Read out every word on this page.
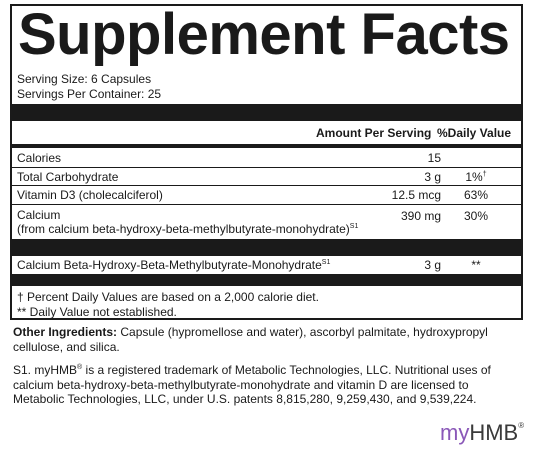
Supplement Facts
Serving Size: 6 Capsules
Servings Per Container: 25
Amount Per Serving %Daily Value
Calories	15
Total Carbohydrate	3 g	1%†
Vitamin D3 (cholecalciferol)	12.5 mcg	63%
Calcium
(from calcium beta-hydroxy-beta-methylbutyrate-monohydrate)$^{S1}$
390 mg	30%
Calcium Beta-Hydroxy-Beta-Methylbutyrate-Monohydrate$^{S1}$	3 g	**
† Percent Daily Values are based on a 2,000 calorie diet.
** Daily Value not established.
Other Ingredients: Capsule (hypromellose and water), ascorbyl palmitate, hydroxypropyl cellulose, and silica.
S1. myHMB® is a registered trademark of Metabolic Technologies, LLC. Nutritional uses of calcium beta-hydroxy-beta-methylbutyrate-monohydrate and vitamin D are licensed to Metabolic Technologies, LLC, under U.S. patents 8,815,280, 9,259,430, and 9,539,224.
myHMB®
